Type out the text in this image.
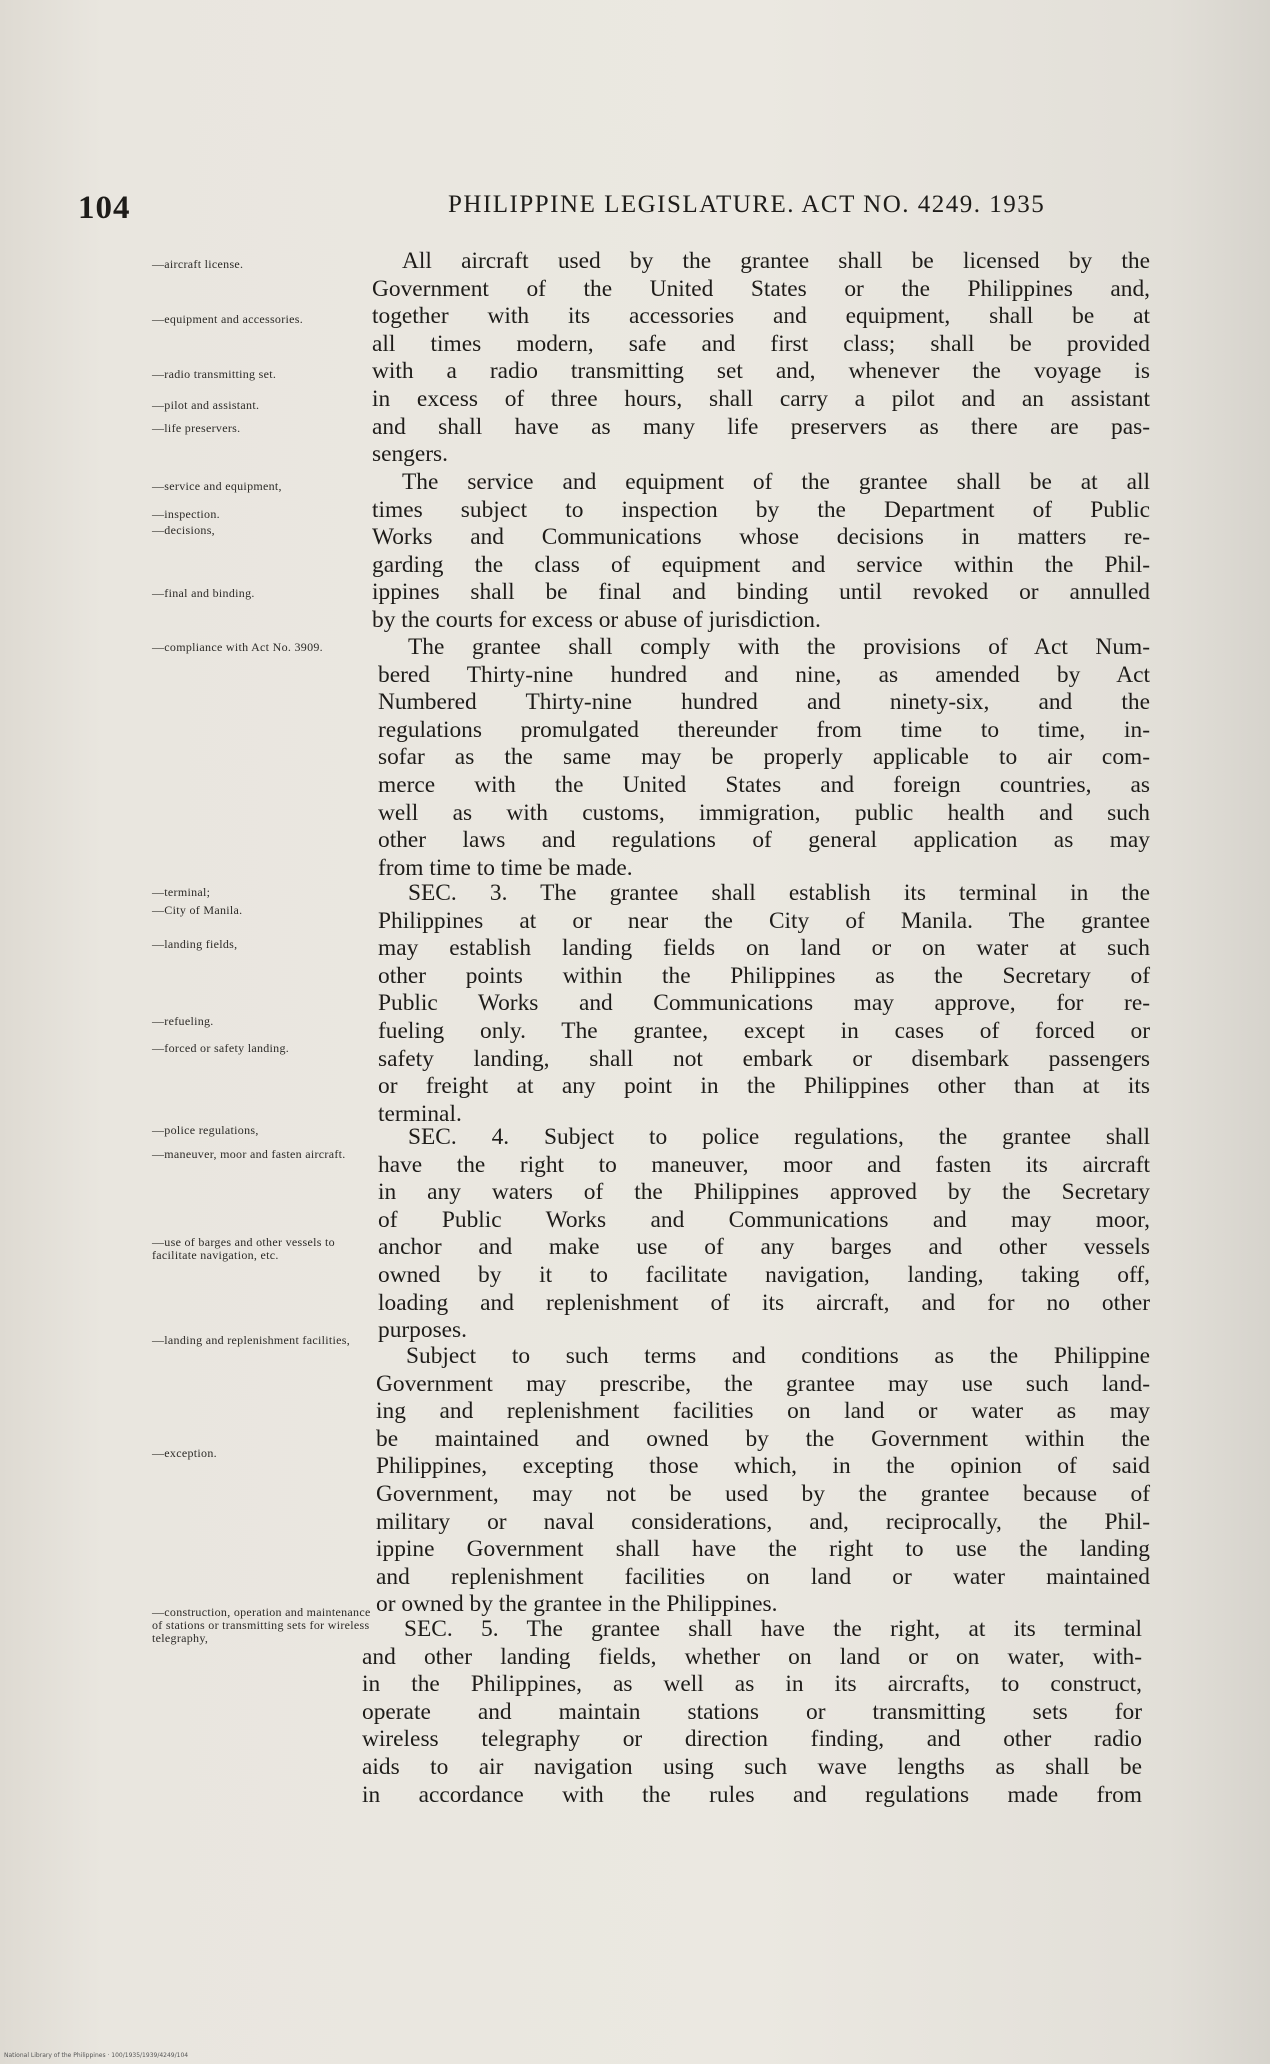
104	PHILIPPINE LEGISLATURE. ACT NO. 4249. 1935
—aircraft license.
—equipment and accessories.
—radio transmitting set.
—pilot and assistant.
—life preservers.
—service and equipment,
—inspection.
—decisions,
—final and binding.
—compliance with Act No. 3909.
—terminal;
—City of Manila.
—landing fields,
—refueling.
—forced or safety landing.
—police regulations,
—maneuver, moor and fasten aircraft.
—use of barges and other vessels to facilitate navigation, etc.
—landing and replenishment facilities,
—exception.
—construction, operation and maintenance of stations or transmitting sets for wireless telegraphy,
All aircraft used by the grantee shall be licensed by the
Government of the United States or the Philippines and,
together with its accessories and equipment, shall be at
all times modern, safe and first class; shall be provided
with a radio transmitting set and, whenever the voyage is
in excess of three hours, shall carry a pilot and an assistant
and shall have as many life preservers as there are pas-
sengers.
The service and equipment of the grantee shall be at all
times subject to inspection by the Department of Public
Works and Communications whose decisions in matters re-
garding the class of equipment and service within the Phil-
ippines shall be final and binding until revoked or annulled
by the courts for excess or abuse of jurisdiction.
The grantee shall comply with the provisions of Act Num-
bered Thirty-nine hundred and nine, as amended by Act
Numbered Thirty-nine hundred and ninety-six, and the
regulations promulgated thereunder from time to time, in-
sofar as the same may be properly applicable to air com-
merce with the United States and foreign countries, as
well as with customs, immigration, public health and such
other laws and regulations of general application as may
from time to time be made.
SEC. 3. The grantee shall establish its terminal in the
Philippines at or near the City of Manila. The grantee
may establish landing fields on land or on water at such
other points within the Philippines as the Secretary of
Public Works and Communications may approve, for re-
fueling only. The grantee, except in cases of forced or
safety landing, shall not embark or disembark passengers
or freight at any point in the Philippines other than at its
terminal.
SEC. 4. Subject to police regulations, the grantee shall
have the right to maneuver, moor and fasten its aircraft
in any waters of the Philippines approved by the Secretary
of Public Works and Communications and may moor,
anchor and make use of any barges and other vessels
owned by it to facilitate navigation, landing, taking off,
loading and replenishment of its aircraft, and for no other
purposes.
Subject to such terms and conditions as the Philippine
Government may prescribe, the grantee may use such land-
ing and replenishment facilities on land or water as may
be maintained and owned by the Government within the
Philippines, excepting those which, in the opinion of said
Government, may not be used by the grantee because of
military or naval considerations, and, reciprocally, the Phil-
ippine Government shall have the right to use the landing
and replenishment facilities on land or water maintained
or owned by the grantee in the Philippines.
SEC. 5. The grantee shall have the right, at its terminal
and other landing fields, whether on land or on water, with-
in the Philippines, as well as in its aircrafts, to construct,
operate and maintain stations or transmitting sets for
wireless telegraphy or direction finding, and other radio
aids to air navigation using such wave lengths as shall be
in accordance with the rules and regulations made from
National Library of the Philippines · 100/1935/1939/4249/104
